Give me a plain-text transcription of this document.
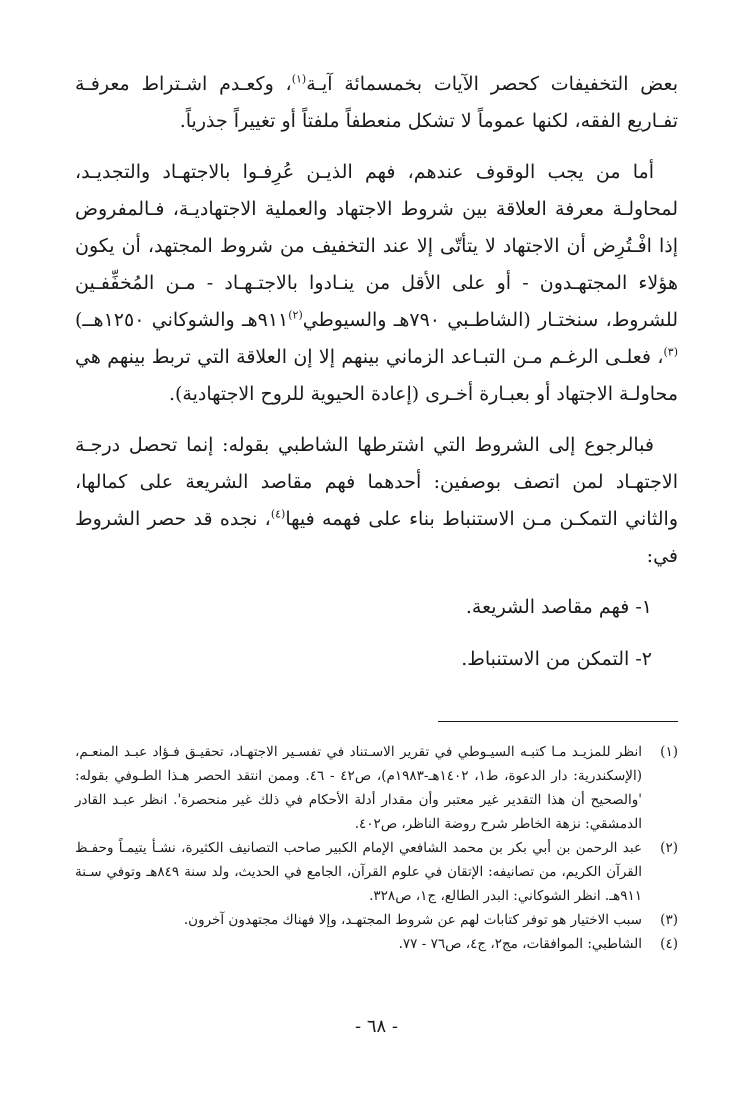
بعض التخفيفات كحصر الآيات بخمسمائة آيـة$^{(١)}$، وكعـدم اشـتراط معرفـة تفـاريع الفقه، لكنها عموماً لا تشكل منعطفاً ملفتاً أو تغييراً جذرياً.

أما من يجب الوقوف عندهم، فهم الذيـن عُرِفـوا بالاجتهـاد والتجديـد، لمحاولـة معرفة العلاقة بين شروط الاجتهاد والعملية الاجتهاديـة، فـالمفروض إذا افْـتُرِض أن الاجتهاد لا يتأتّى إلا عند التخفيف من شروط المجتهد، أن يكون هؤلاء المجتهـدون - أو على الأقل من ينـادوا بالاجتـهـاد - مـن المُخفِّفـين للشروط، سنختـار (الشاطـبي ٧٩٠هـ والسيوطي$^{(٢)}$٩١١هـ والشوكاني ١٢٥٠هــ)$^{(٣)}$، فعلـى الرغـم مـن التبـاعد الزماني بينهم إلا إن العلاقة التي تربط بينهم هي محاولـة الاجتهاد أو بعبـارة أخـرى (إعادة الحيوية للروح الاجتهادية).

فبالرجوع إلى الشروط التي اشترطها الشاطبي بقوله: إنما تحصل درجـة الاجتهـاد لمن اتصف بوصفين: أحدهما فهم مقاصد الشريعة على كمالها، والثاني التمكـن مـن الاستنباط بناء على فهمه فيها$^{(٤)}$، نجده قد حصر الشروط في:

١- فهم مقاصد الشريعة.
٢- التمكن من الاستنباط.
(١)
انظر للمزيـد مـا كتبـه السيـوطي في تقرير الاسـتناد في تفسـير الاجتهـاد، تحقيـق فـؤاد عبـد المنعـم، (الإسكندرية: دار الدعوة، ط١، ١٤٠٢هـ-١٩٨٣م)، ص٤٢ - ٤٦. وممن انتقد الحصر هـذا الطـوفي بقوله: 'والصحيح أن هذا التقدير غير معتبر وأن مقدار أدلة الأحكام في ذلك غير منحصرة'. انظر عبـد القادر الدمشقي: نزهة الخاطر شرح روضة الناظر، ص٤٠٢.
(٢)
عبد الرحمن بن أبي بكر بن محمد الشافعي الإمام الكبير صاحب التصانيف الكثيرة، نشـأ يتيمـاً وحفـظ القرآن الكريم، من تصانيفه: الإتقان في علوم القرآن، الجامع في الحديث، ولد سنة ٨٤٩هـ وتوفي سـنة ٩١١هـ. انظر الشوكاني: البدر الطالع، ج١، ص٣٢٨.
(٣)
سبب الاختيار هو توفر كتابات لهم عن شروط المجتهـد، وإلا فهناك مجتهدون آخرون.
(٤)
الشاطبي: الموافقات، مج٢، ج٤، ص٧٦ - ٧٧.
- ٦٨ -
